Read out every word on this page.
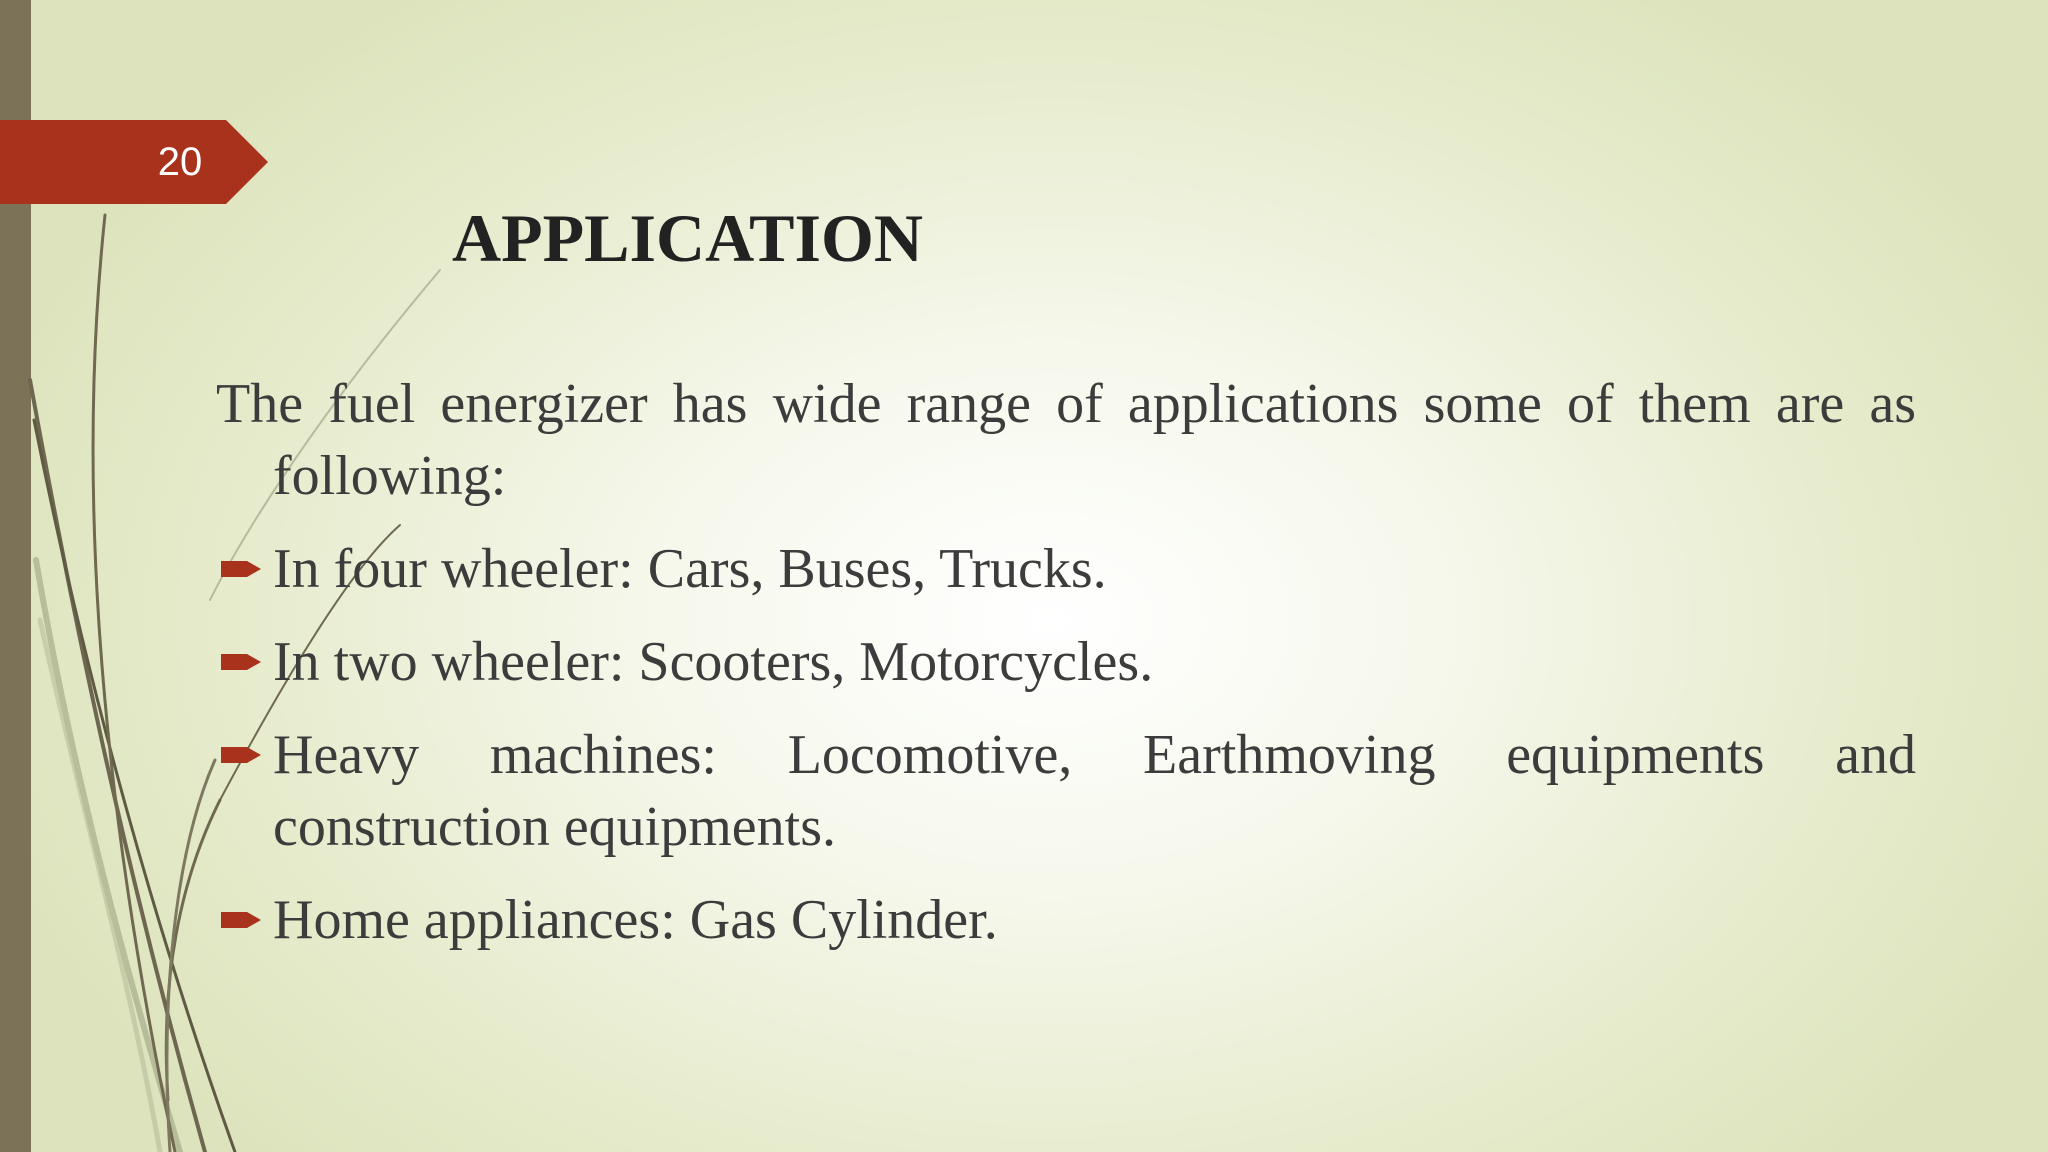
20
APPLICATION

The fuel energizer has wide range of applications some of them are as following:

In four wheeler: Cars, Buses, Trucks.
In two wheeler: Scooters, Motorcycles.
Heavy machines: Locomotive, Earthmoving equipments and construction equipments.
Home appliances: Gas Cylinder.
